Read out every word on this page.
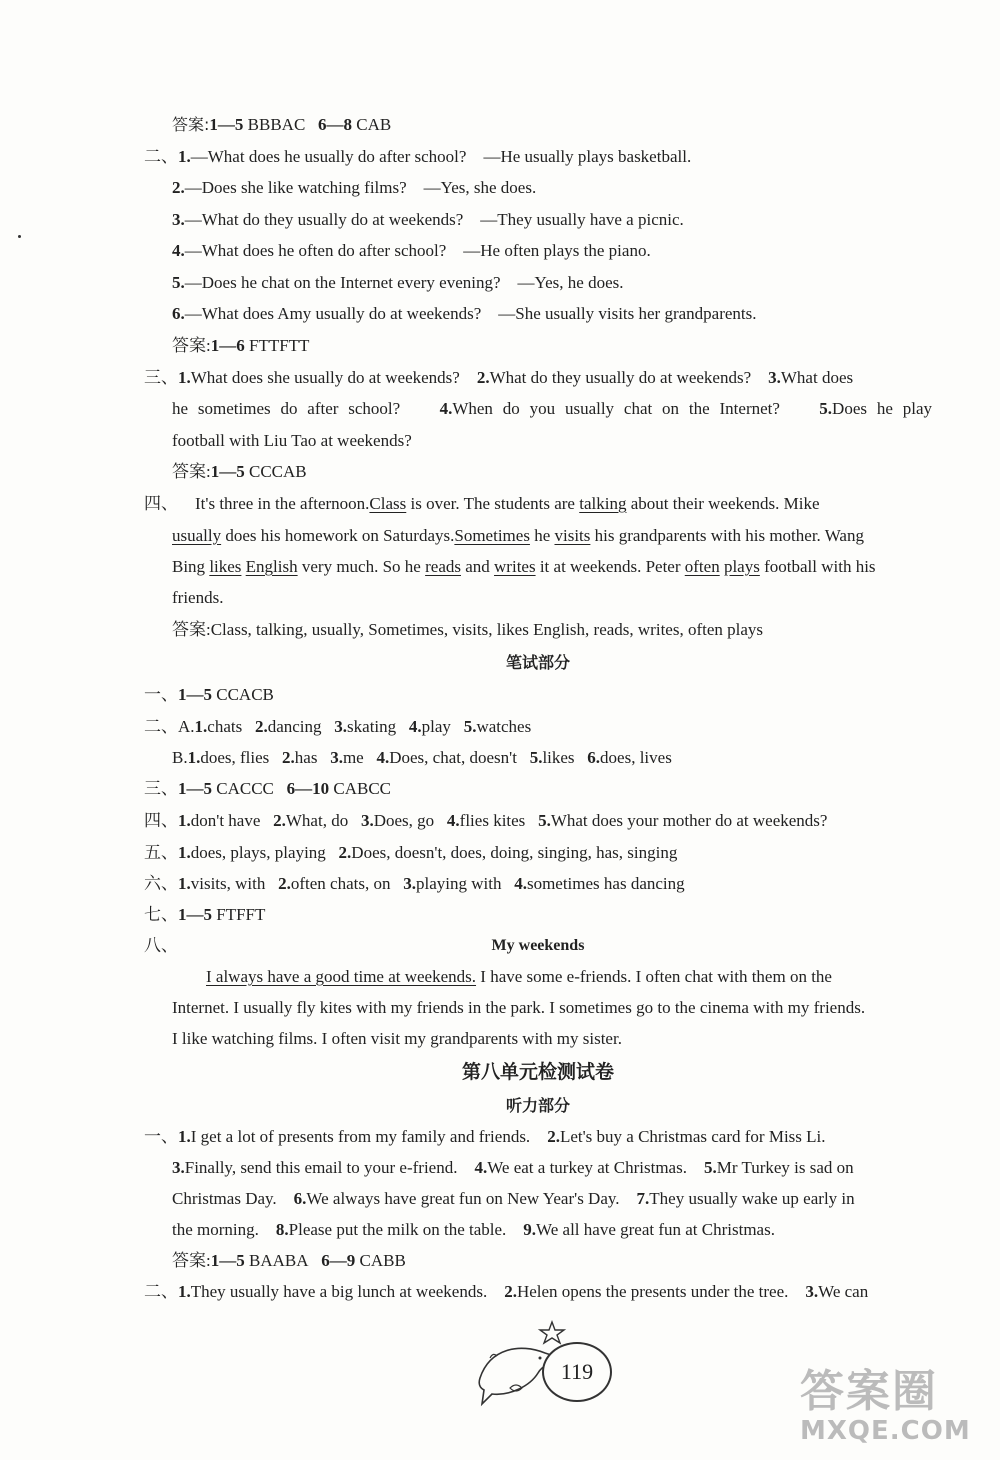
答案:1—5 BBBAC 6—8 CAB
二、1.—What does he usually do after school? —He usually plays basketball.
2.—Does she like watching films? —Yes, she does.
3.—What do they usually do at weekends? —They usually have a picnic.
4.—What does he often do after school? —He often plays the piano.
5.—Does he chat on the Internet every evening? —Yes, he does.
6.—What does Amy usually do at weekends? —She usually visits her grandparents.
答案:1—6 FTTFTT
三、1.What does she usually do at weekends? 2.What do they usually do at weekends? 3.What does
he sometimes do after school? 4.When do you usually chat on the Internet? 5.Does he play
football with Liu Tao at weekends?
答案:1—5 CCCAB
四、 It's three in the afternoon.Class is over. The students are talking about their weekends. Mike
usually does his homework on Saturdays.Sometimes he visits his grandparents with his mother. Wang
Bing likes English very much. So he reads and writes it at weekends. Peter often plays football with his
friends.
答案:Class, talking, usually, Sometimes, visits, likes English, reads, writes, often plays
笔试部分
一、1—5 CCACB
二、A.1.chats 2.dancing 3.skating 4.play 5.watches
B.1.does, flies 2.has 3.me 4.Does, chat, doesn't 5.likes 6.does, lives
三、1—5 CACCC 6—10 CABCC
四、1.don't have 2.What, do 3.Does, go 4.flies kites 5.What does your mother do at weekends?
五、1.does, plays, playing 2.Does, doesn't, does, doing, singing, has, singing
六、1.visits, with 2.often chats, on 3.playing with 4.sometimes has dancing
七、1—5 FTFFT
八、	My weekends
I always have a good time at weekends. I have some e-friends. I often chat with them on the
Internet. I usually fly kites with my friends in the park. I sometimes go to the cinema with my friends.
I like watching films. I often visit my grandparents with my sister.
第八单元检测试卷
听力部分
一、1.I get a lot of presents from my family and friends. 2.Let's buy a Christmas card for Miss Li.
3.Finally, send this email to your e-friend. 4.We eat a turkey at Christmas. 5.Mr Turkey is sad on
Christmas Day. 6.We always have great fun on New Year's Day. 7.They usually wake up early in
the morning. 8.Please put the milk on the table. 9.We all have great fun at Christmas.
答案:1—5 BAABA 6—9 CABB
二、1.They usually have a big lunch at weekends. 2.Helen opens the presents under the tree. 3.We can
119	答案圈
MXQE.COM
